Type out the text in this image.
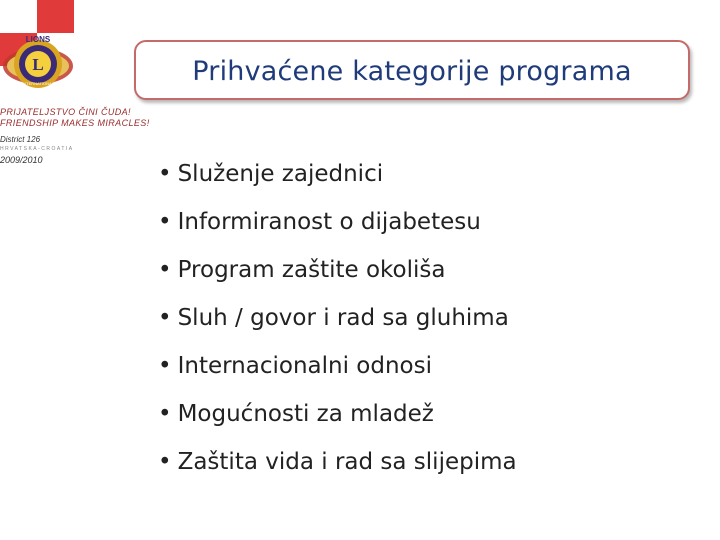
LIONS
L
INTERNATIONAL	Prihvaćene kategorije programa
PRIJATELJSTVO ČINI ČUDA!
FRIENDSHIP MAKES MIRACLES!
District 126
HRVATSKA-CROATIA
2009/2010
• Služenje zajednici
• Informiranost o dijabetesu
• Program zaštite okoliša
• Sluh / govor i rad sa gluhima
• Internacionalni odnosi
• Mogućnosti za mladež
• Zaštita vida i rad sa slijepima
